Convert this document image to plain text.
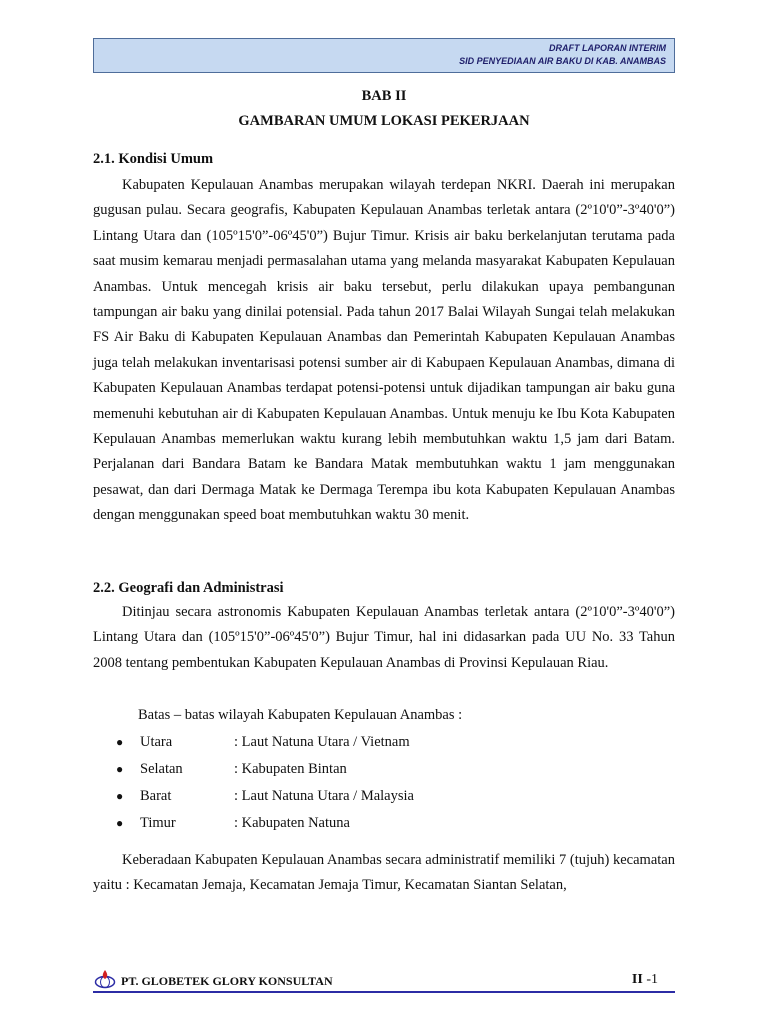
DRAFT LAPORAN INTERIM
SID PENYEDIAAN AIR BAKU DI KAB. ANAMBAS
BAB II
GAMBARAN UMUM LOKASI PEKERJAAN
2.1. Kondisi Umum

Kabupaten Kepulauan Anambas merupakan wilayah terdepan NKRI. Daerah ini merupakan gugusan pulau. Secara geografis, Kabupaten Kepulauan Anambas terletak antara (2º10'0”-3º40'0”) Lintang Utara dan (105º15'0”-06º45'0”) Bujur Timur. Krisis air baku berkelanjutan terutama pada saat musim kemarau menjadi permasalahan utama yang melanda masyarakat Kabupaten Kepulauan Anambas. Untuk mencegah krisis air baku tersebut, perlu dilakukan upaya pembangunan tampungan air baku yang dinilai potensial. Pada tahun 2017 Balai Wilayah Sungai telah melakukan FS Air Baku di Kabupaten Kepulauan Anambas dan Pemerintah Kabupaten Kepulauan Anambas juga telah melakukan inventarisasi potensi sumber air di Kabupaen Kepulauan Anambas, dimana di Kabupaten Kepulauan Anambas terdapat potensi-potensi untuk dijadikan tampungan air baku guna memenuhi kebutuhan air di Kabupaten Kepulauan Anambas. Untuk menuju ke Ibu Kota Kabupaten Kepulauan Anambas memerlukan waktu kurang lebih membutuhkan waktu 1,5 jam dari Batam. Perjalanan dari Bandara Batam ke Bandara Matak membutuhkan waktu 1 jam menggunakan pesawat, dan dari Dermaga Matak ke Dermaga Terempa ibu kota Kabupaten Kepulauan Anambas dengan menggunakan speed boat membutuhkan waktu 30 menit.

2.2. Geografi dan Administrasi

Ditinjau secara astronomis Kabupaten Kepulauan Anambas terletak antara (2º10'0”-3º40'0”) Lintang Utara dan (105º15'0”-06º45'0”) Bujur Timur, hal ini didasarkan pada UU No. 33 Tahun 2008 tentang pembentukan Kabupaten Kepulauan Anambas di Provinsi Kepulauan Riau.

Batas – batas wilayah Kabupaten Kepulauan Anambas :
●	Utara	: Laut Natuna Utara / Vietnam
●	Selatan	: Kabupaten Bintan
●	Barat	: Laut Natuna Utara / Malaysia
●	Timur	: Kabupaten Natuna

Keberadaan Kabupaten Kepulauan Anambas secara administratif memiliki 7 (tujuh) kecamatan yaitu : Kecamatan Jemaja, Kecamatan Jemaja Timur, Kecamatan Siantan Selatan,

PT. GLOBETEK GLORY KONSULTAN	II -1
